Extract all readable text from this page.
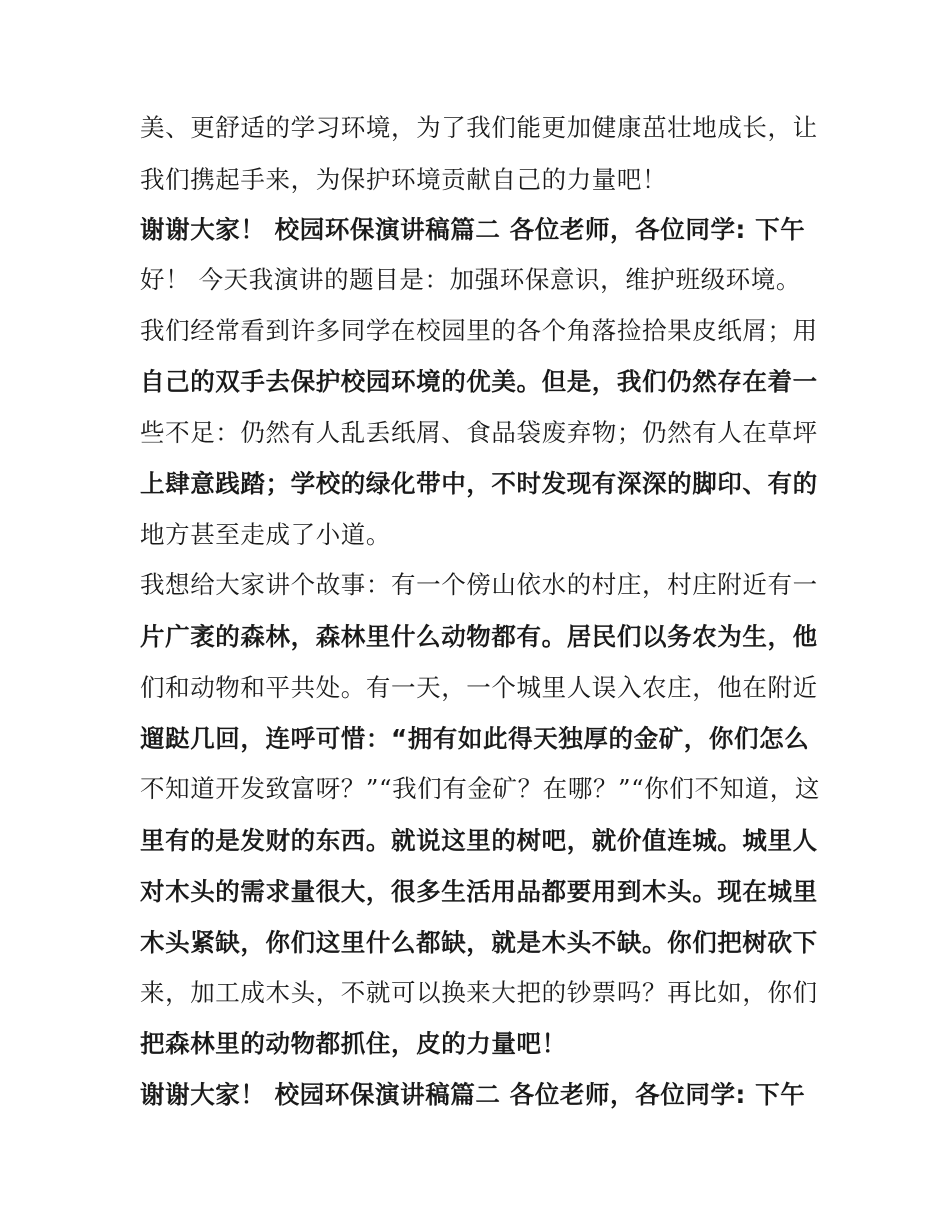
美、更舒适的学习环境，为了我们能更加健康茁壮地成长，让
我们携起手来，为保护环境贡献自己的力量吧！
谢谢大家！ 校园环保演讲稿篇二 各位老师，各位同学: 下午
好！ 今天我演讲的题目是：加强环保意识，维护班级环境。
我们经常看到许多同学在校园里的各个角落捡拾果皮纸屑；用
自己的双手去保护校园环境的优美。但是，我们仍然存在着一
些不足：仍然有人乱丢纸屑、食品袋废弃物；仍然有人在草坪
上肆意践踏；学校的绿化带中，不时发现有深深的脚印、有的
地方甚至走成了小道。
我想给大家讲个故事：有一个傍山依水的村庄，村庄附近有一
片广袤的森林，森林里什么动物都有。居民们以务农为生，他
们和动物和平共处。有一天，一个城里人误入农庄，他在附近
遛跶几回，连呼可惜：“拥有如此得天独厚的金矿，你们怎么
不知道开发致富呀？”“我们有金矿？在哪？”“你们不知道，这
里有的是发财的东西。就说这里的树吧，就价值连城。城里人
对木头的需求量很大，很多生活用品都要用到木头。现在城里
木头紧缺，你们这里什么都缺，就是木头不缺。你们把树砍下
来，加工成木头，不就可以换来大把的钞票吗？再比如，你们
把森林里的动物都抓住，皮的力量吧！
谢谢大家！ 校园环保演讲稿篇二 各位老师，各位同学: 下午
